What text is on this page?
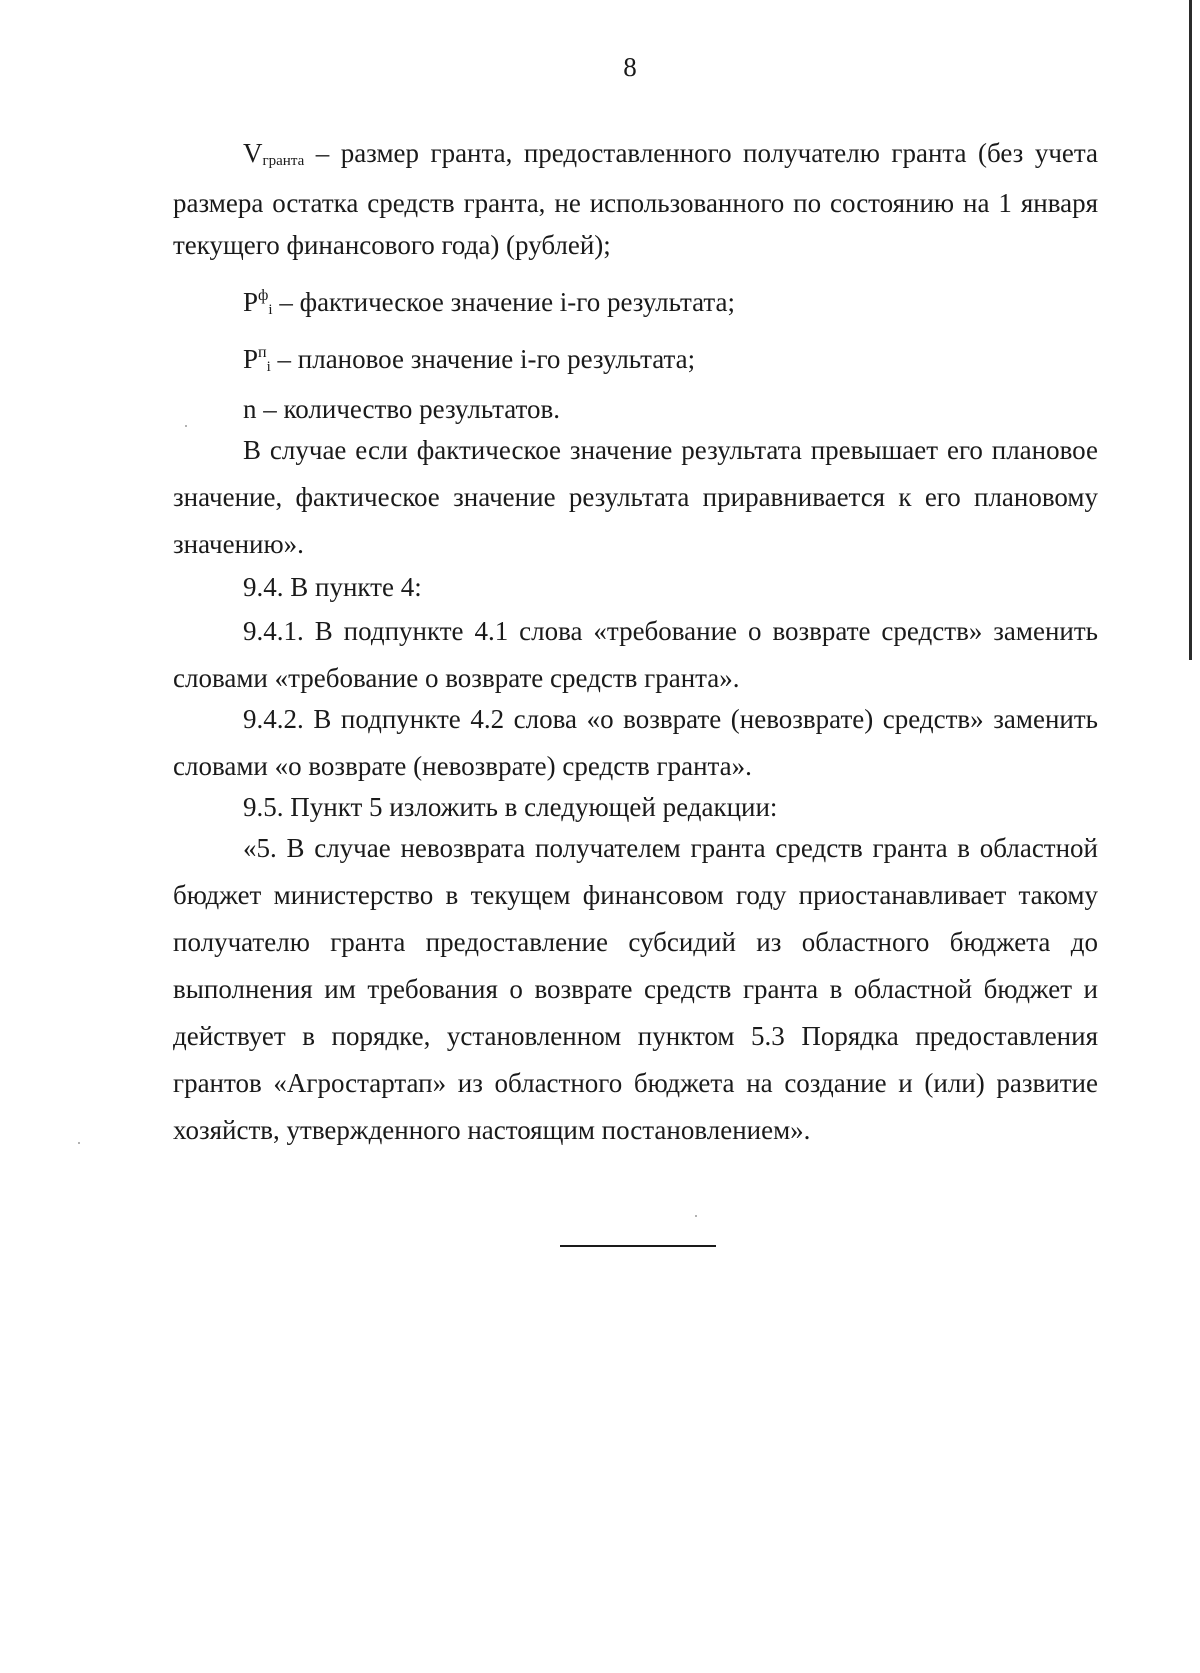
8

$V_{гранта}$ – размер гранта, предоставленного получателю гранта (без учета размера остатка средств гранта, не использованного по состоянию на 1 января текущего финансового года) (рублей);

$P^ф_i$ – фактическое значение i-го результата;

$P^п_i$ – плановое значение i-го результата;

n – количество результатов.

В случае если фактическое значение результата превышает его плановое значение, фактическое значение результата приравнивается к его плановому значению».

9.4. В пункте 4:

9.4.1. В подпункте 4.1 слова «требование о возврате средств» заменить словами «требование о возврате средств гранта».

9.4.2. В подпункте 4.2 слова «о возврате (невозврате) средств» заменить словами «о возврате (невозврате) средств гранта».

9.5. Пункт 5 изложить в следующей редакции:

«5. В случае невозврата получателем гранта средств гранта в областной бюджет министерство в текущем финансовом году приостанавливает такому получателю гранта предоставление субсидий из областного бюджета до выполнения им требования о возврате средств гранта в областной бюджет и действует в порядке, установленном пунктом 5.3 Порядка предоставления грантов «Агростартап» из областного бюджета на создание и (или) развитие хозяйств, утвержденного настоящим постановлением».
